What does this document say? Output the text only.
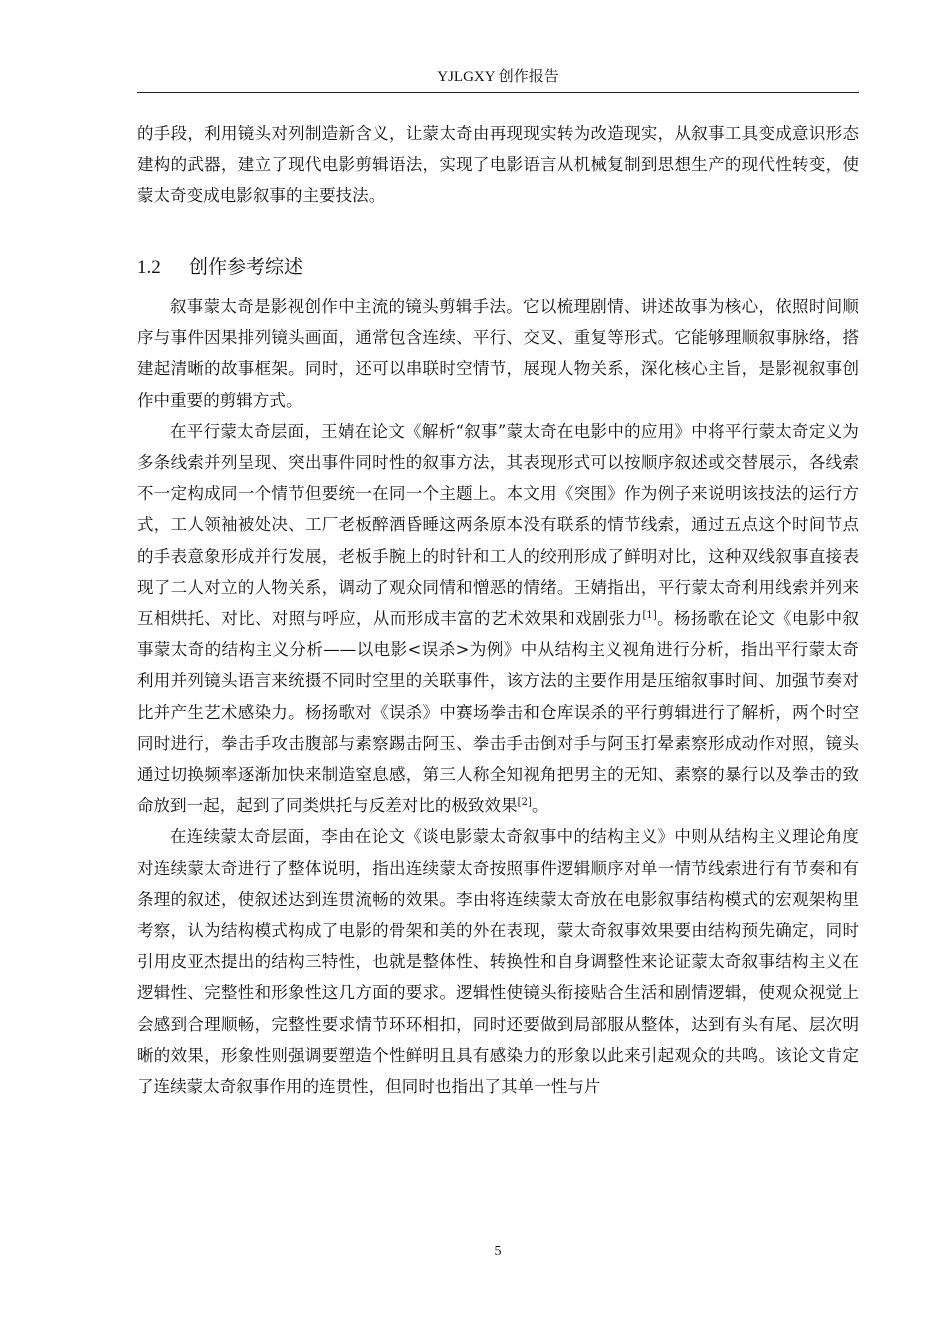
YJLGXY 创作报告

的手段，利用镜头对列制造新含义，让蒙太奇由再现现实转为改造现实，从叙事工具变成意识形态建构的武器，建立了现代电影剪辑语法，实现了电影语言从机械复制到思想生产的现代性转变，使蒙太奇变成电影叙事的主要技法。

1.2 创作参考综述

叙事蒙太奇是影视创作中主流的镜头剪辑手法。它以梳理剧情、讲述故事为核心，依照时间顺序与事件因果排列镜头画面，通常包含连续、平行、交叉、重复等形式。它能够理顺叙事脉络，搭建起清晰的故事框架。同时，还可以串联时空情节，展现人物关系，深化核心主旨，是影视叙事创作中重要的剪辑方式。

在平行蒙太奇层面，王婧在论文《解析“叙事”蒙太奇在电影中的应用》中将平行蒙太奇定义为多条线索并列呈现、突出事件同时性的叙事方法，其表现形式可以按顺序叙述或交替展示，各线索不一定构成同一个情节但要统一在同一个主题上。本文用《突围》作为例子来说明该技法的运行方式，工人领袖被处决、工厂老板醉酒昏睡这两条原本没有联系的情节线索，通过五点这个时间节点的手表意象形成并行发展，老板手腕上的时针和工人的绞刑形成了鲜明对比，这种双线叙事直接表现了二人对立的人物关系，调动了观众同情和憎恶的情绪。王婧指出，平行蒙太奇利用线索并列来互相烘托、对比、对照与呼应，从而形成丰富的艺术效果和戏剧张力[1]。杨扬歌在论文《电影中叙事蒙太奇的结构主义分析——以电影<误杀>为例》中从结构主义视角进行分析，指出平行蒙太奇利用并列镜头语言来统摄不同时空里的关联事件，该方法的主要作用是压缩叙事时间、加强节奏对比并产生艺术感染力。杨扬歌对《误杀》中赛场拳击和仓库误杀的平行剪辑进行了解析，两个时空同时进行，拳击手攻击腹部与素察踢击阿玉、拳击手击倒对手与阿玉打晕素察形成动作对照，镜头通过切换频率逐渐加快来制造窒息感，第三人称全知视角把男主的无知、素察的暴行以及拳击的致命放到一起，起到了同类烘托与反差对比的极致效果[2]。

在连续蒙太奇层面，李由在论文《谈电影蒙太奇叙事中的结构主义》中则从结构主义理论角度对连续蒙太奇进行了整体说明，指出连续蒙太奇按照事件逻辑顺序对单一情节线索进行有节奏和有条理的叙述，使叙述达到连贯流畅的效果。李由将连续蒙太奇放在电影叙事结构模式的宏观架构里考察，认为结构模式构成了电影的骨架和美的外在表现，蒙太奇叙事效果要由结构预先确定，同时引用皮亚杰提出的结构三特性，也就是整体性、转换性和自身调整性来论证蒙太奇叙事结构主义在逻辑性、完整性和形象性这几方面的要求。逻辑性使镜头衔接贴合生活和剧情逻辑，使观众视觉上会感到合理顺畅，完整性要求情节环环相扣，同时还要做到局部服从整体，达到有头有尾、层次明晰的效果，形象性则强调要塑造个性鲜明且具有感染力的形象以此来引起观众的共鸣。该论文肯定了连续蒙太奇叙事作用的连贯性，但同时也指出了其单一性与片

5
